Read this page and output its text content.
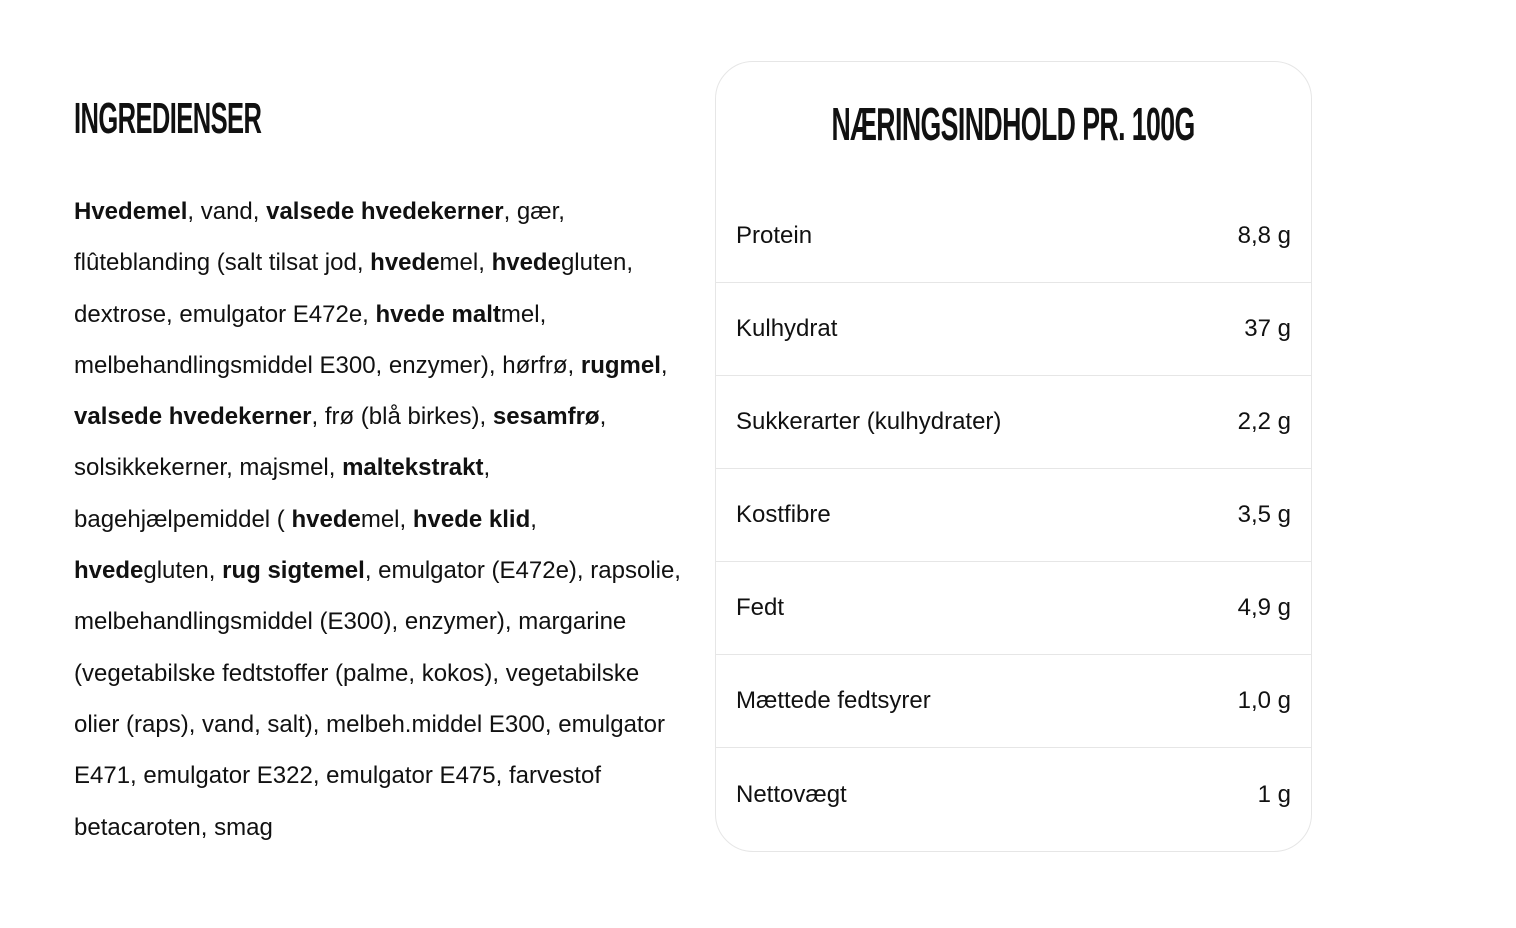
INGREDIENSER

Hvedemel, vand, valsede hvedekerner, gær, flûteblanding (salt tilsat jod, hvedemel, hvedegluten, dextrose, emulgator E472e, hvede maltmel, melbehandlingsmiddel E300, enzymer), hørfrø, rugmel, valsede hvedekerner, frø (blå birkes), sesamfrø, solsikkekerner, majsmel, maltekstrakt, bagehjælpemiddel ( hvedemel, hvede klid, hvedegluten, rug sigtemel, emulgator (E472e), rapsolie, melbehandlingsmiddel (E300), enzymer), margarine (vegetabilske fedtstoffer (palme, kokos), vegetabilske olier (raps), vand, salt), melbeh.middel E300, emulgator E471, emulgator E322, emulgator E475, farvestof betacaroten, smag

NÆRINGSINDHOLD PR. 100G
Protein	8,8 g
Kulhydrat	37 g
Sukkerarter (kulhydrater)	2,2 g
Kostfibre	3,5 g
Fedt	4,9 g
Mættede fedtsyrer	1,0 g
Nettovægt	1 g
